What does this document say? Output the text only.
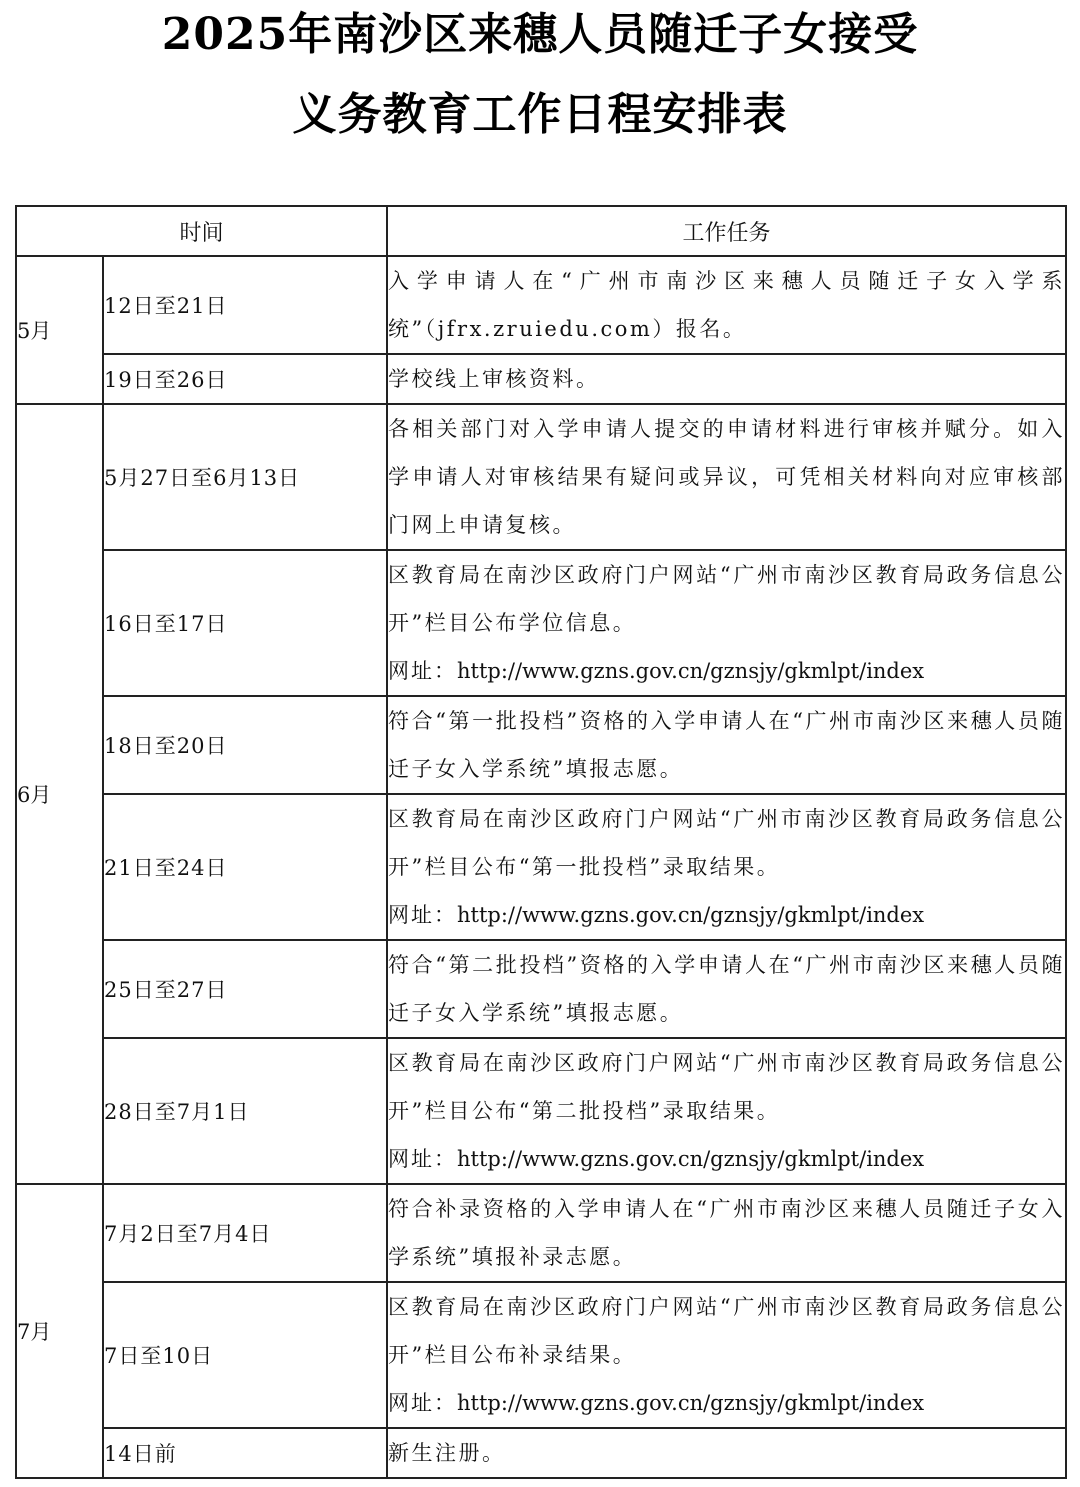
2025年南沙区来穗人员随迁子女接受
义务教育工作日程安排表
时间		工作任务
5月	12日至21日	入学申请人在“广州市南沙区来穗人员随迁子女入学系统”（jfrx.zruiedu.com）报名。

	19日至26日	学校线上审核资料。

6月	5月27日至6月13日	各相关部门对入学申请人提交的申请材料进行审核并赋分。如入学申请人对审核结果有疑问或异议，可凭相关材料向对应审核部门网上申请复核。

	16日至17日	区教育局在南沙区政府门户网站“广州市南沙区教育局政务信息公开”栏目公布学位信息。
网址：http://www.gzns.gov.cn/gznsjy/gkmlpt/index

	18日至20日	符合“第一批投档”资格的入学申请人在“广州市南沙区来穗人员随迁子女入学系统”填报志愿。

	21日至24日	区教育局在南沙区政府门户网站“广州市南沙区教育局政务信息公开”栏目公布“第一批投档”录取结果。
网址：http://www.gzns.gov.cn/gznsjy/gkmlpt/index

	25日至27日	符合“第二批投档”资格的入学申请人在“广州市南沙区来穗人员随迁子女入学系统”填报志愿。

	28日至7月1日	区教育局在南沙区政府门户网站“广州市南沙区教育局政务信息公开”栏目公布“第二批投档”录取结果。
网址：http://www.gzns.gov.cn/gznsjy/gkmlpt/index

7月	7月2日至7月4日	符合补录资格的入学申请人在“广州市南沙区来穗人员随迁子女入学系统”填报补录志愿。

	7日至10日	区教育局在南沙区政府门户网站“广州市南沙区教育局政务信息公开”栏目公布补录结果。
网址：http://www.gzns.gov.cn/gznsjy/gkmlpt/index

	14日前	新生注册。
